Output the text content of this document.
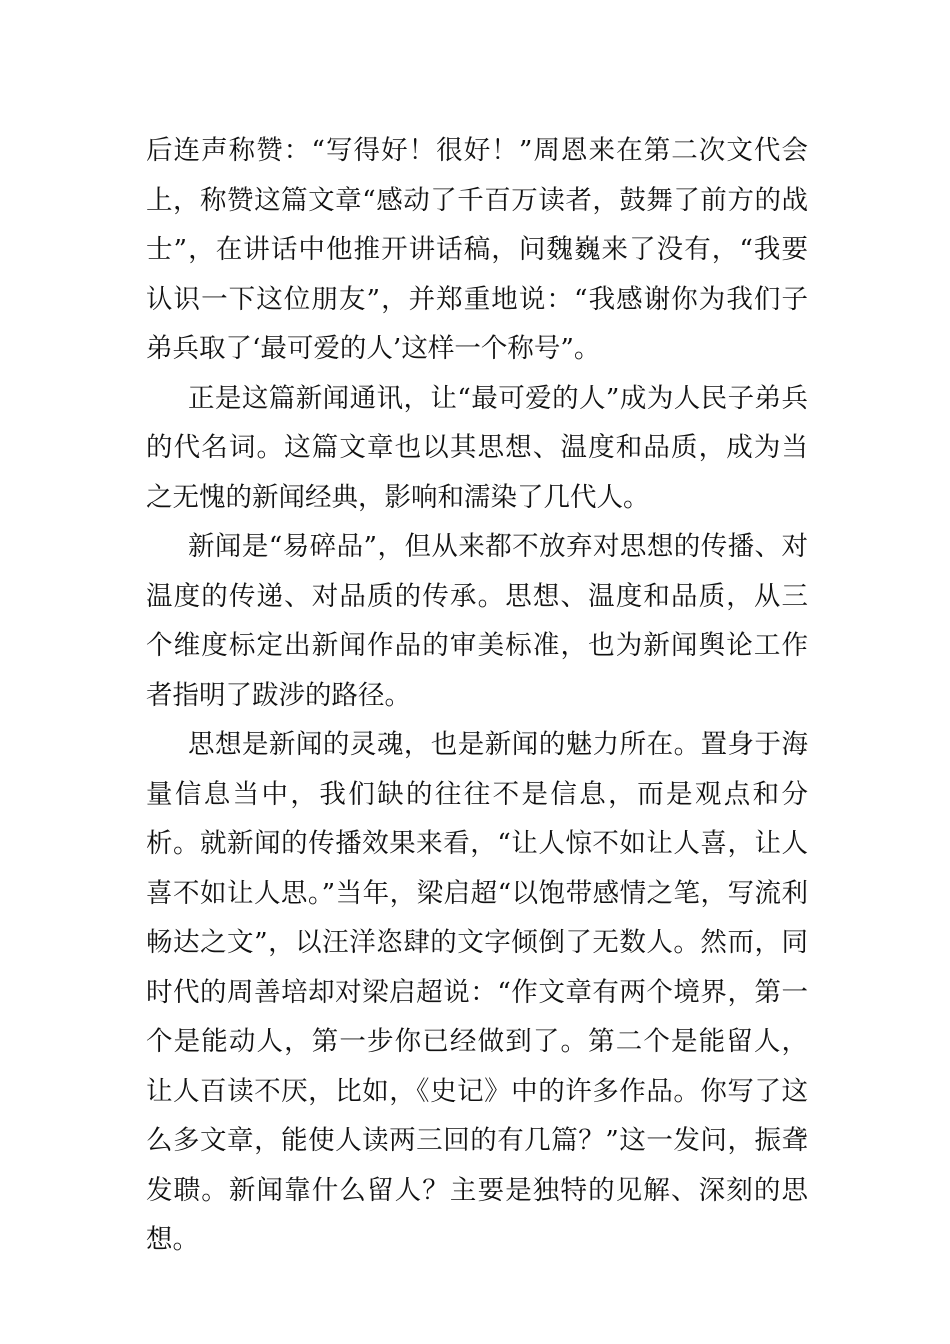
后连声称赞：“写得好！很好！”周恩来在第二次文代会上，称赞这篇文章“感动了千百万读者，鼓舞了前方的战士”，在讲话中他推开讲话稿，问魏巍来了没有，“我要认识一下这位朋友”，并郑重地说：“我感谢你为我们子弟兵取了‘最可爱的人’这样一个称号”。

正是这篇新闻通讯，让“最可爱的人”成为人民子弟兵的代名词。这篇文章也以其思想、温度和品质，成为当之无愧的新闻经典，影响和濡染了几代人。

新闻是“易碎品”，但从来都不放弃对思想的传播、对温度的传递、对品质的传承。思想、温度和品质，从三个维度标定出新闻作品的审美标准，也为新闻舆论工作者指明了跋涉的路径。

思想是新闻的灵魂，也是新闻的魅力所在。置身于海量信息当中，我们缺的往往不是信息，而是观点和分析。就新闻的传播效果来看，“让人惊不如让人喜，让人喜不如让人思。”当年，梁启超“以饱带感情之笔，写流利畅达之文”，以汪洋恣肆的文字倾倒了无数人。然而，同时代的周善培却对梁启超说：“作文章有两个境界，第一个是能动人，第一步你已经做到了。第二个是能留人，让人百读不厌，比如，《史记》中的许多作品。你写了这么多文章，能使人读两三回的有几篇？”这一发问，振聋发聩。新闻靠什么留人？主要是独特的见解、深刻的思想。
